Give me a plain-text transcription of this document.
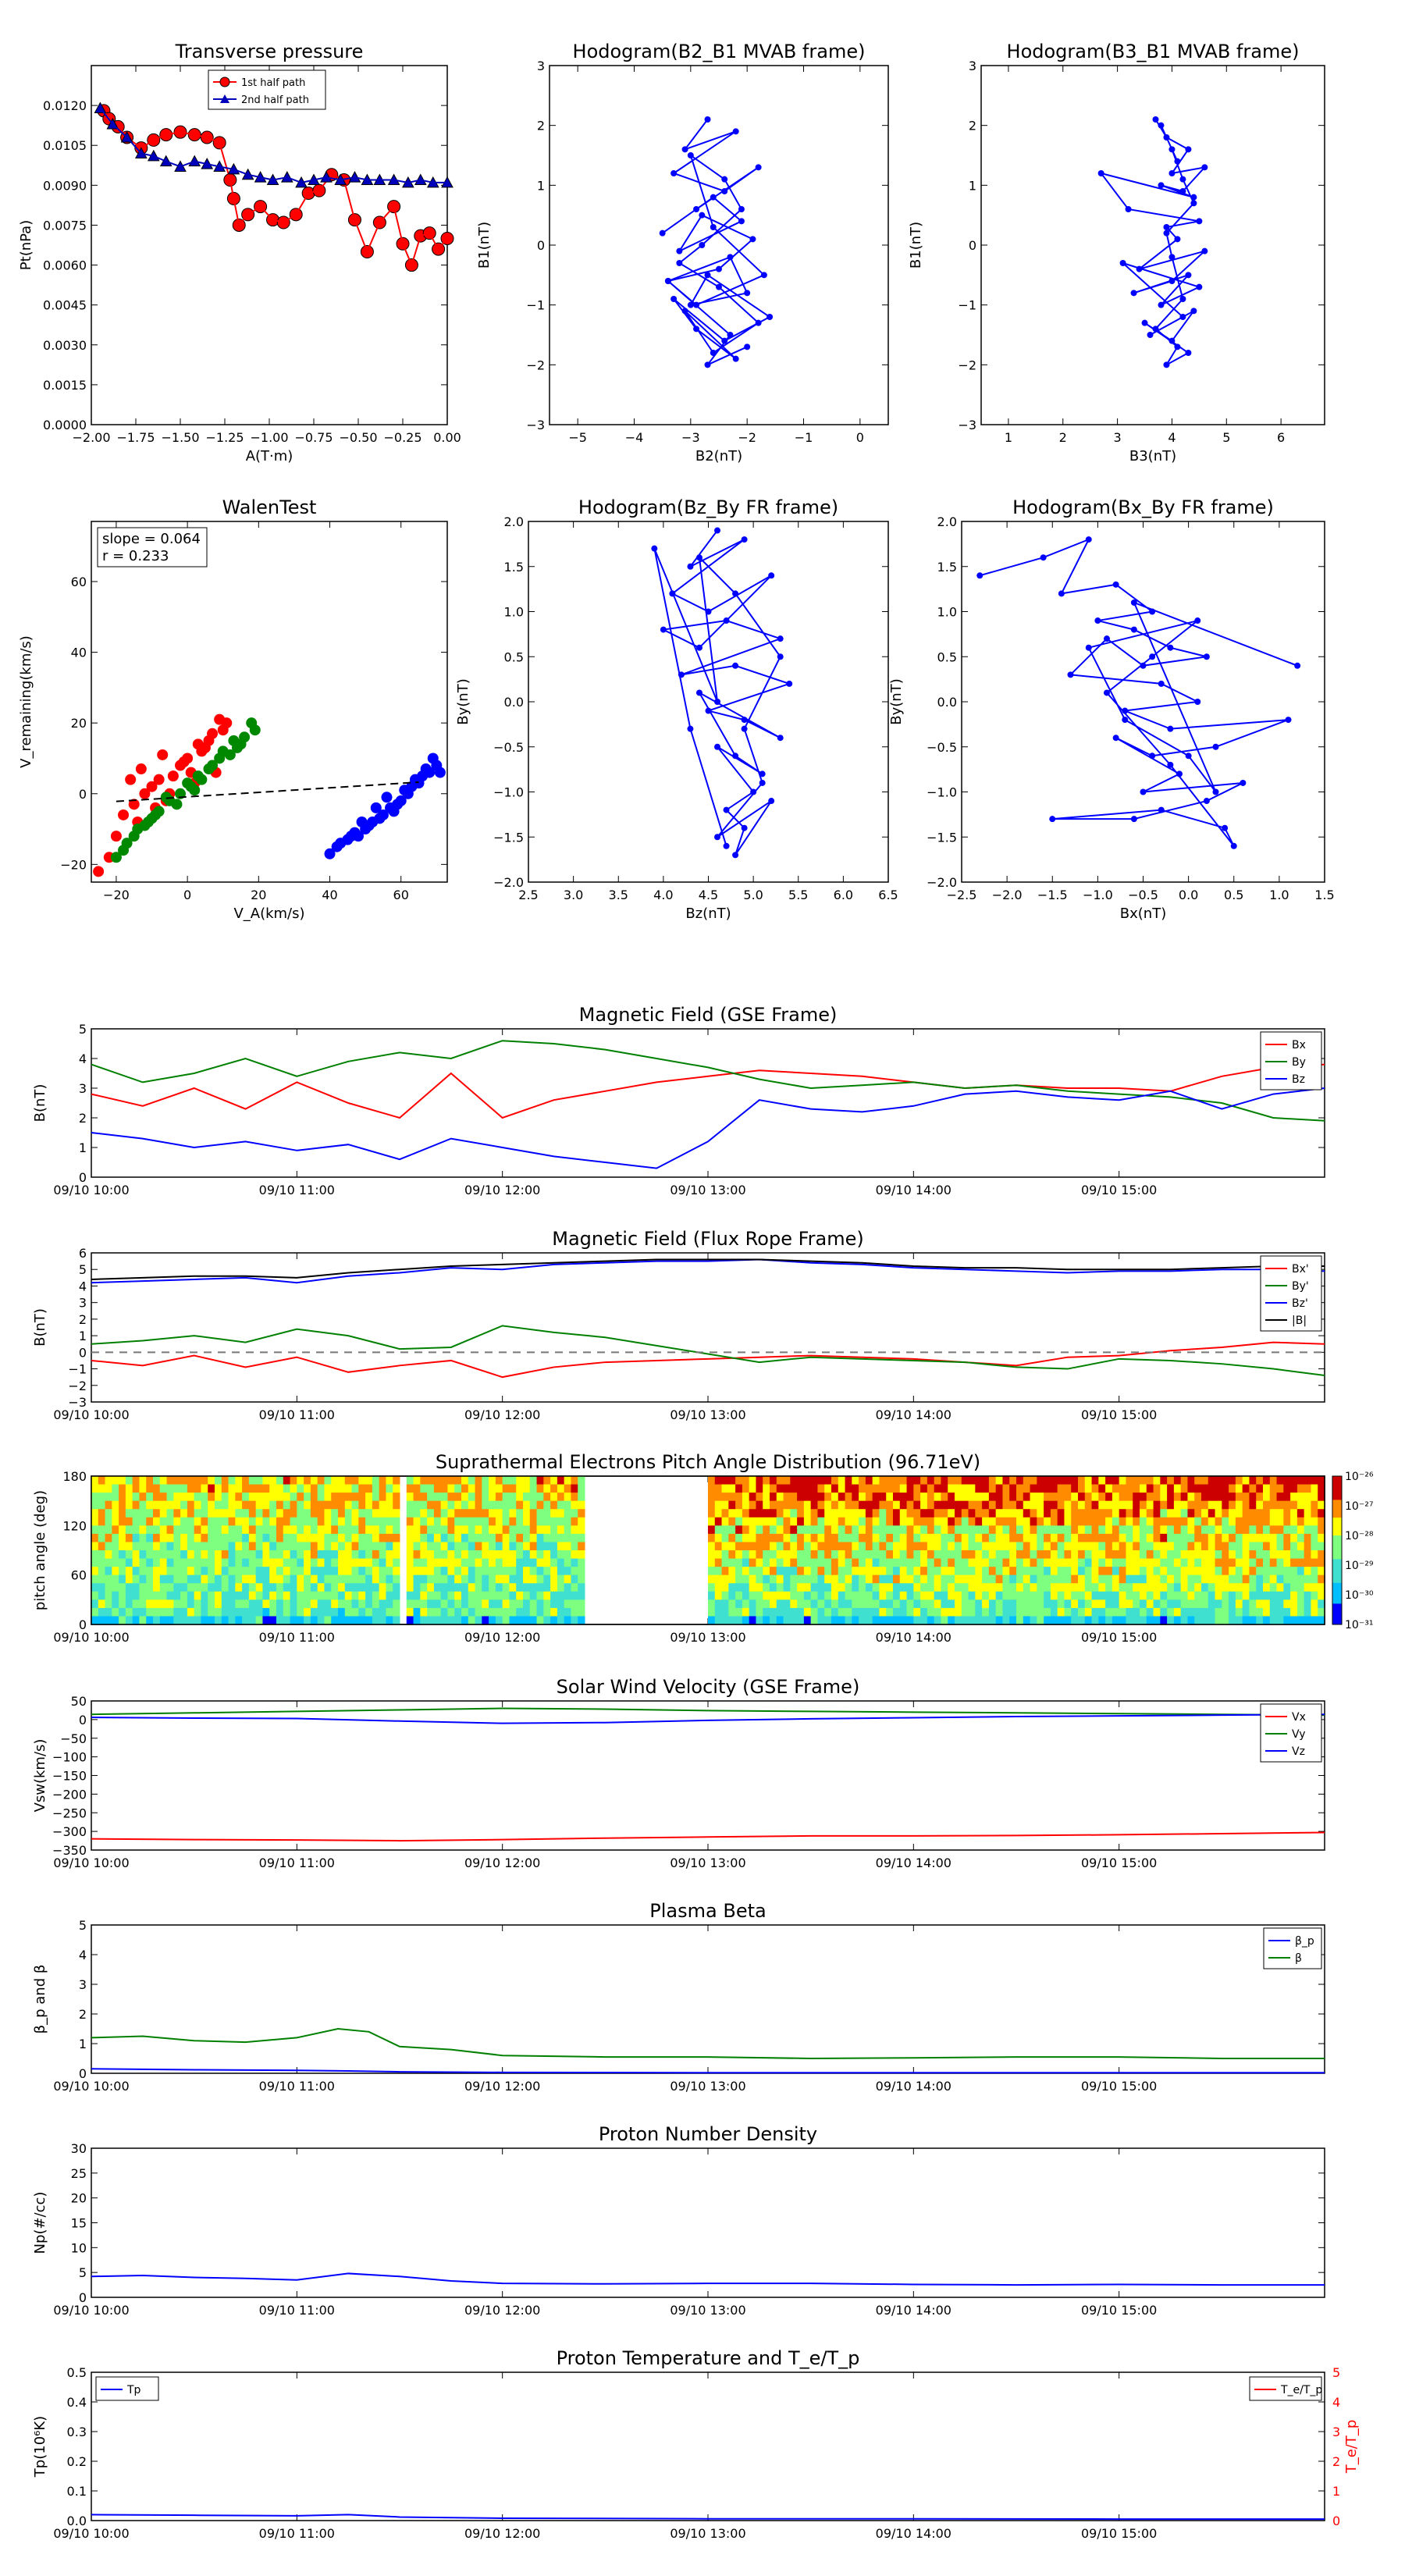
Transverse pressure
−2.00 −1.75 −1.50 −1.25 −1.00 −0.75 −0.50 −0.25 0.00
0.0000
0.0015
0.0030
0.0045
0.0060
0.0075
0.0090
0.0105
0.0120
A(T·m)
Pt(nPa)
Hodogram(B2_B1 MVAB frame)
−5	−4	−3	−2	−1	0
−3
−2
−1
0
1
2
3
B2(nT)
B1(nT)
Hodogram(B3_B1 MVAB frame)
1	2	3	4	5	6
−3
−2
−1
0
1
2
3
B3(nT)
B1(nT)
WalenTest
−20	0	20	40	60
−20
0
20
40
60
V_A(km/s)
V_remaining(km/s)
Hodogram(Bz_By FR frame)
2.5 3.0 3.5 4.0 4.5 5.0 5.5 6.0 6.5
−2.0
−1.5
−1.0
−0.5
0.0
0.5
1.0
1.5
2.0
Bz(nT)
By(nT)
Hodogram(Bx_By FR frame)
−2.5 −2.0 −1.5 −1.0 −0.5 0.0 0.5 1.0 1.5
−2.0
−1.5
−1.0
−0.5
0.0
0.5
1.0
1.5
2.0
Bx(nT)
By(nT)
1st half path
2nd half path
slope = 0.064
r = 0.233
Magnetic Field (GSE Frame)
09/10 10:00	09/10 11:00	09/10 12:00	09/10 13:00	09/10 14:00	09/10 15:00
0
1
2
3
4
5
B(nT)
Magnetic Field (Flux Rope Frame)
09/10 10:00	09/10 11:00	09/10 12:00	09/10 13:00	09/10 14:00	09/10 15:00
−3
−2
−1
0
1
2
3
4
5
6
B(nT)
Suprathermal Electrons Pitch Angle Distribution (96.71eV)
09/10 10:00	09/10 11:00	09/10 12:00	09/10 13:00	09/10 14:00	09/10 15:00
0
60
120
180
pitch angle (deg)
Solar Wind Velocity (GSE Frame)
09/10 10:00	09/10 11:00	09/10 12:00	09/10 13:00	09/10 14:00	09/10 15:00
−350
−300
−250
−200
−150
−100
−50
0
50
Vsw(km/s)
Plasma Beta
09/10 10:00	09/10 11:00	09/10 12:00	09/10 13:00	09/10 14:00	09/10 15:00
0
1
2
3
4
5
β_p and β
Proton Number Density
09/10 10:00	09/10 11:00	09/10 12:00	09/10 13:00	09/10 14:00	09/10 15:00
0
5
10
15
20
25
30
Np(#/cc)
Proton Temperature and T_e/T_p
09/10 10:00	09/10 11:00	09/10 12:00	09/10 13:00	09/10 14:00	09/10 15:00
0.0
0.1
0.2
0.3
0.4
0.5
Tp(10⁶K)
Bx
By
Bz
Bx'
By'
Bz'
|B|
Vx
Vy
Vz
β_p
β
Tp	T_e/T_p
0
1
2
3
4
5
T_e/T_p
10⁻²⁶
10⁻²⁷
10⁻²⁸
10⁻²⁹
10⁻³⁰
10⁻³¹
